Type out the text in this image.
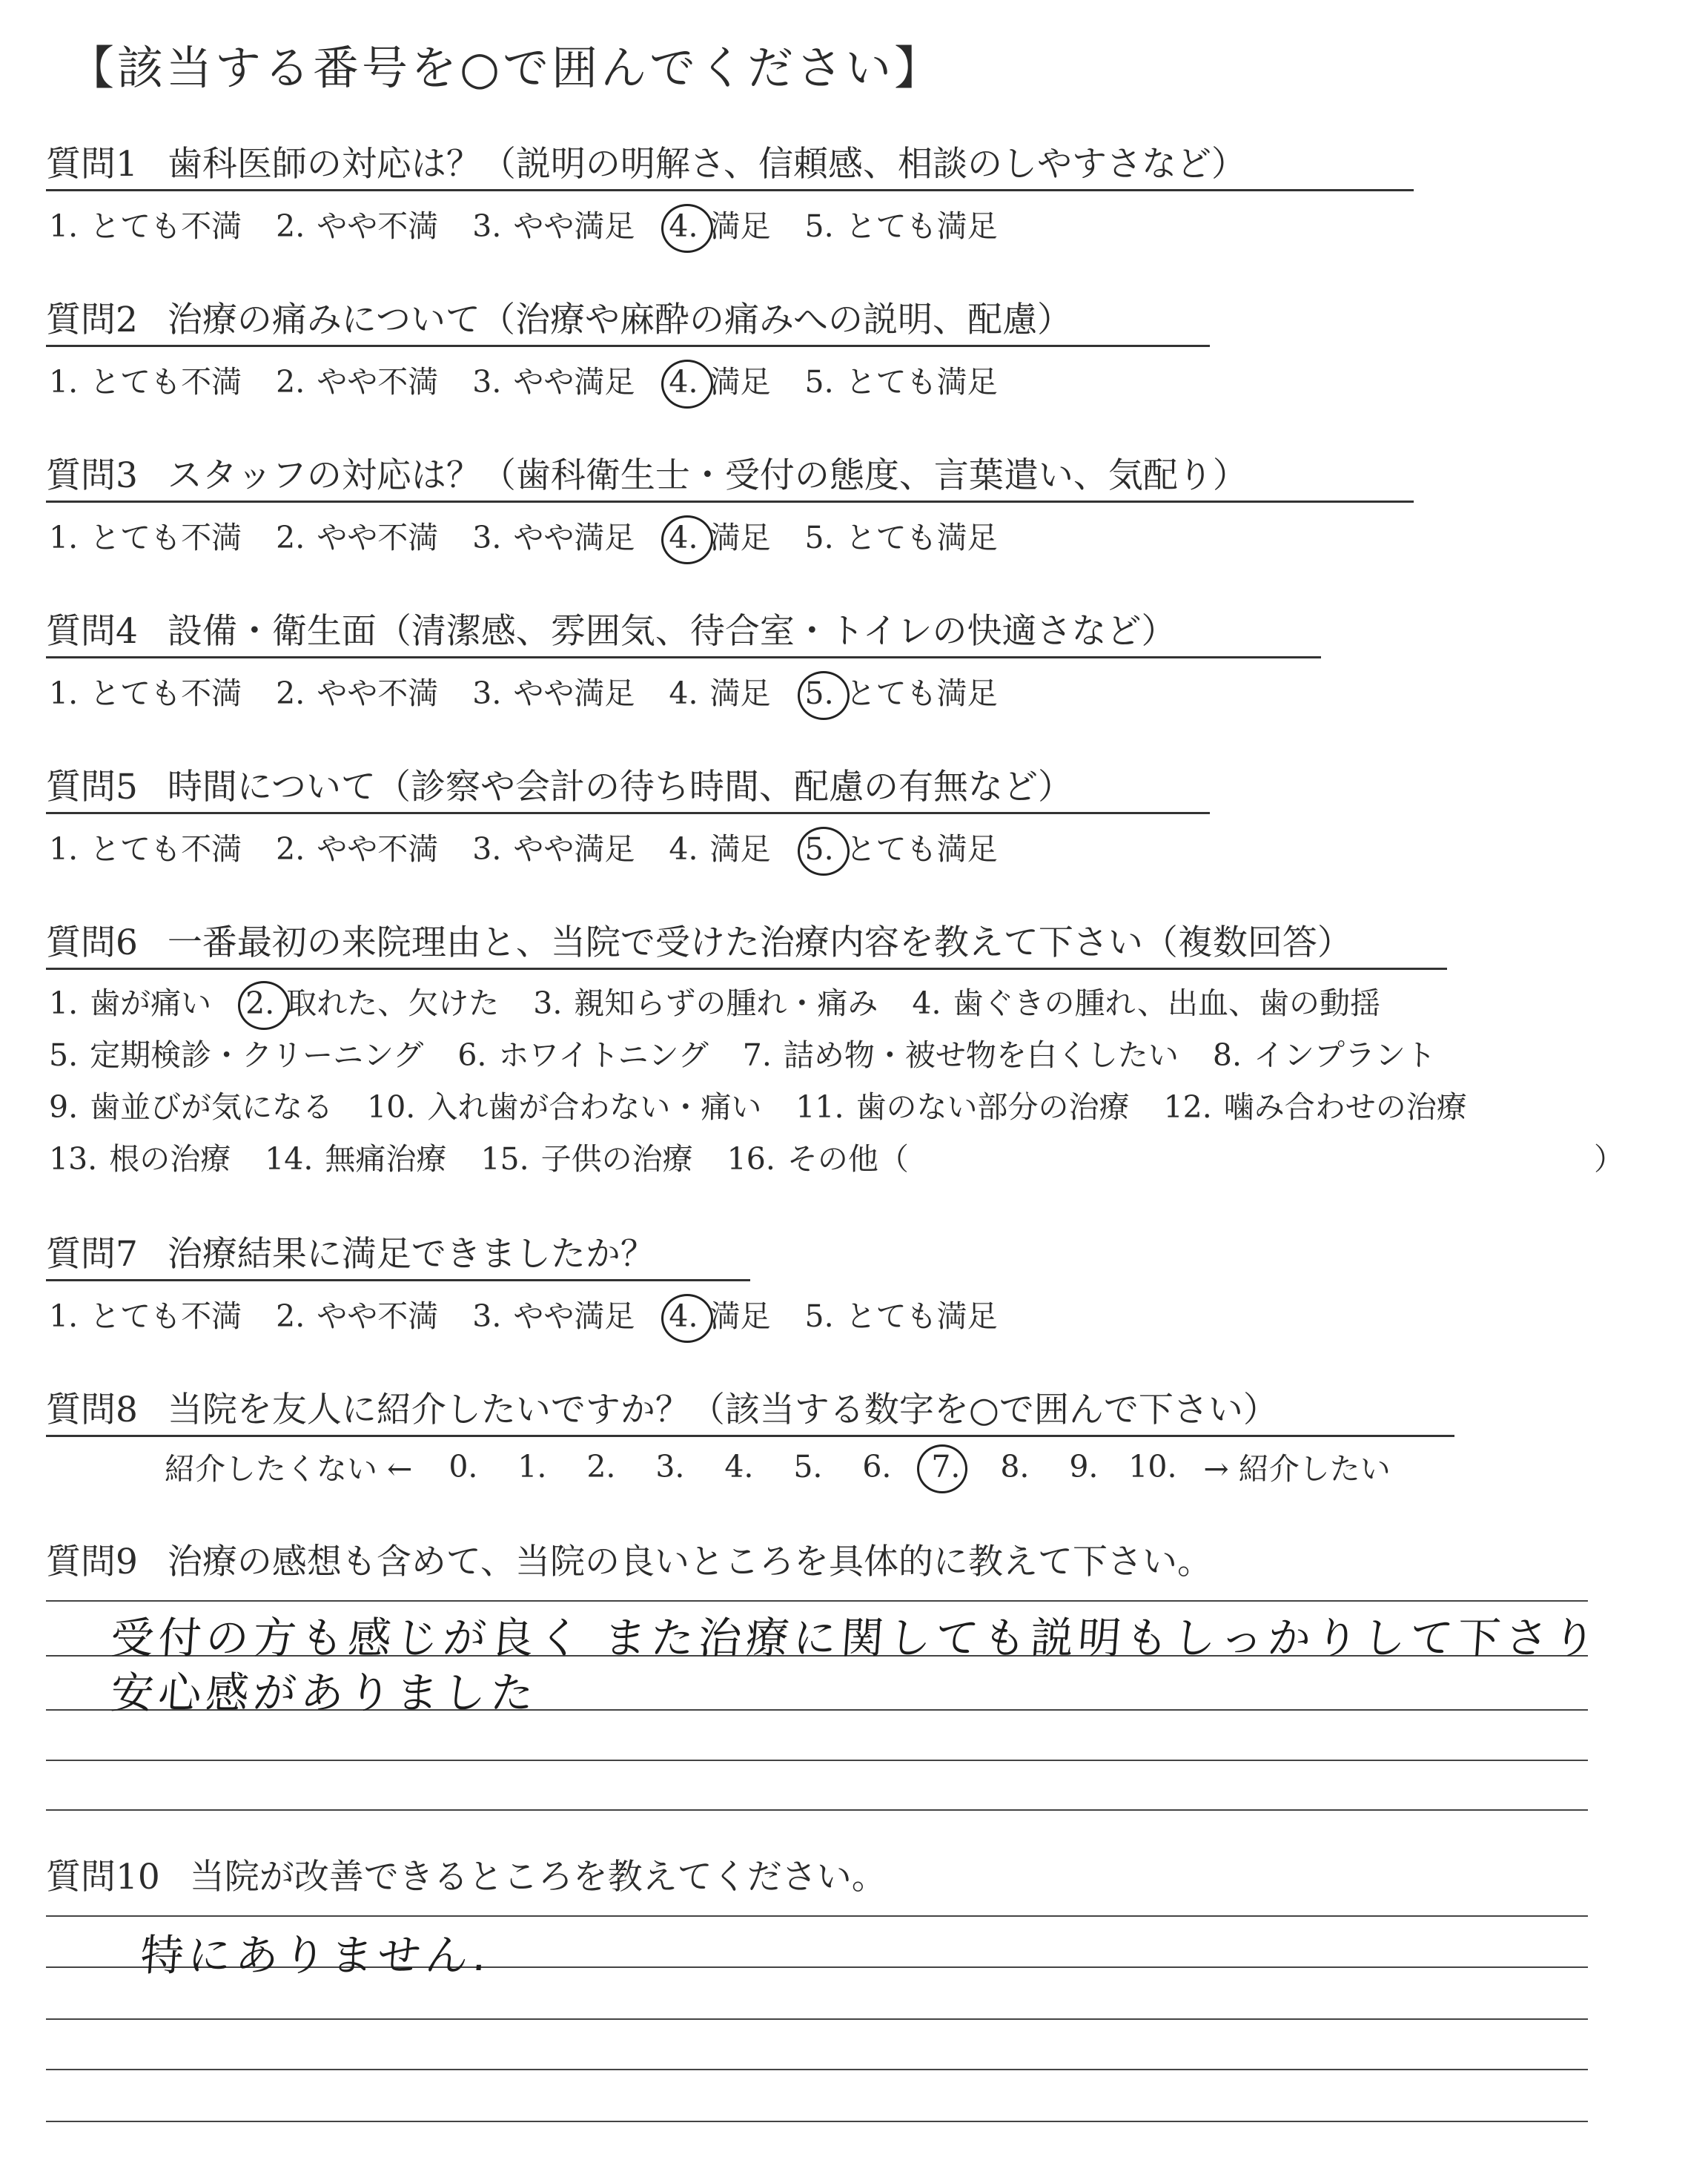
【該当する番号を○で囲んでください】
質問1 歯科医師の対応は？（説明の明解さ、信頼感、相談のしやすさなど）
1. とても不満 2. やや不満 3. やや満足 4. 満足 5. とても満足
質問2 治療の痛みについて（治療や麻酔の痛みへの説明、配慮）
1. とても不満 2. やや不満 3. やや満足 4. 満足 5. とても満足
質問3 スタッフの対応は？（歯科衛生士・受付の態度、言葉遣い、気配り）
1. とても不満 2. やや不満 3. やや満足 4. 満足 5. とても満足
質問4 設備・衛生面（清潔感、雰囲気、待合室・トイレの快適さなど）
1. とても不満 2. やや不満 3. やや満足 4. 満足 5. とても満足
質問5 時間について（診察や会計の待ち時間、配慮の有無など）
1. とても不満 2. やや不満 3. やや満足 4. 満足 5. とても満足
質問6 一番最初の来院理由と、当院で受けた治療内容を教えて下さい（複数回答）
1. 歯が痛い 2. 取れた、欠けた 3. 親知らずの腫れ・痛み 4. 歯ぐきの腫れ、出血、歯の動揺
5. 定期検診・クリーニング 6. ホワイトニング 7. 詰め物・被せ物を白くしたい 8. インプラント
9. 歯並びが気になる 10. 入れ歯が合わない・痛い 11. 歯のない部分の治療 12. 噛み合わせの治療
13. 根の治療 14. 無痛治療 15. 子供の治療 16. その他（	）
質問7 治療結果に満足できましたか？
1. とても不満 2. やや不満 3. やや満足 4. 満足 5. とても満足
質問8 当院を友人に紹介したいですか？（該当する数字を○で囲んで下さい）
紹介したくない ←	0. 1. 2. 3. 4. 5. 6. 7. 8. 9. 10. → 紹介したい
質問9 治療の感想も含めて、当院の良いところを具体的に教えて下さい。
受付の方も感じが良く また治療に関しても説明もしっかりして下さり
安心感がありました
質問10 当院が改善できるところを教えてください。
特にありません.
